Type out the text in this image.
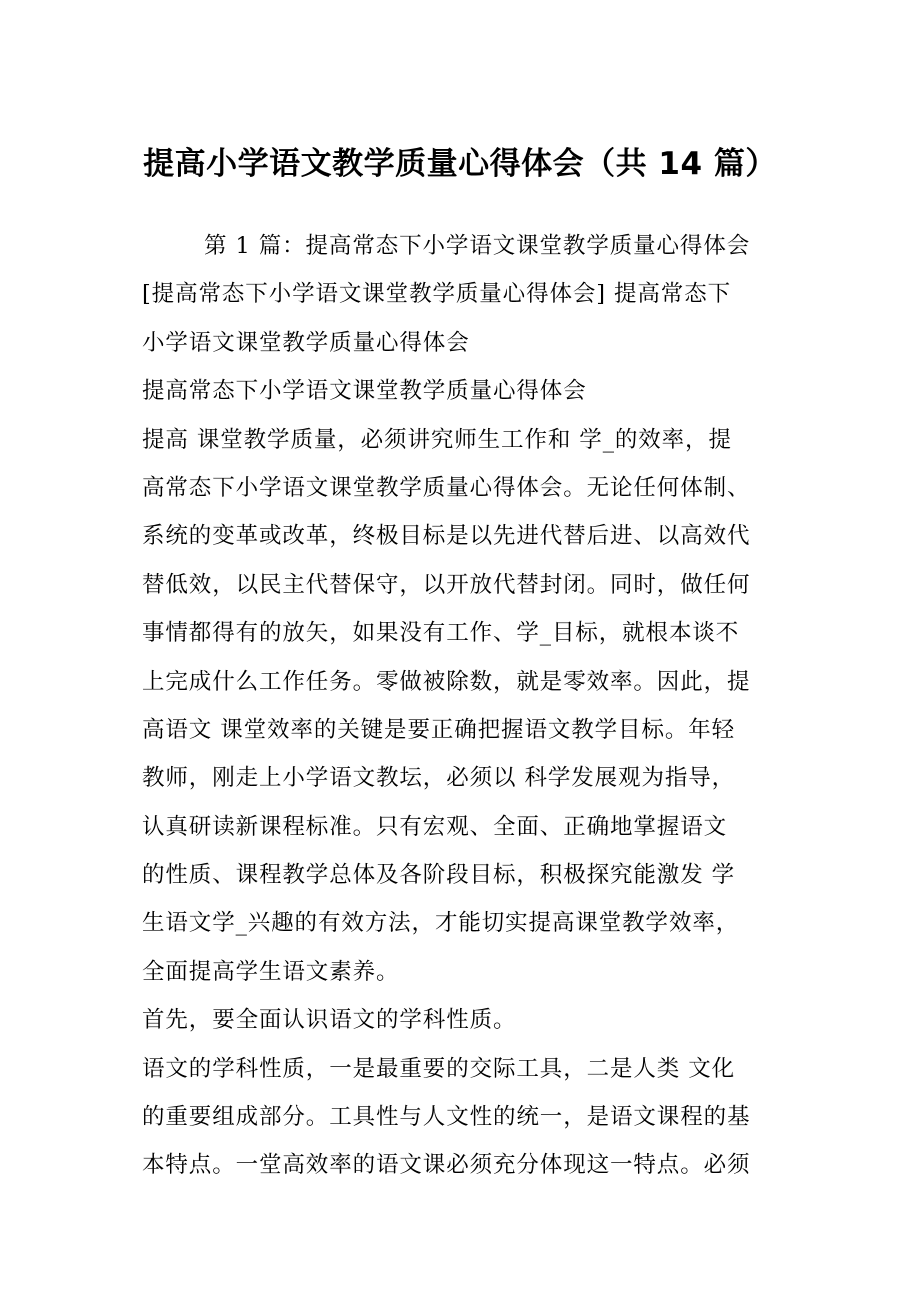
提高小学语文教学质量心得体会（共 14 篇）
第 1 篇：提高常态下小学语文课堂教学质量心得体会
[提高常态下小学语文课堂教学质量心得体会] 提高常态下
小学语文课堂教学质量心得体会
提高常态下小学语文课堂教学质量心得体会
提高 课堂教学质量，必须讲究师生工作和 学_的效率，提
高常态下小学语文课堂教学质量心得体会。无论任何体制、
系统的变革或改革，终极目标是以先进代替后进、以高效代
替低效，以民主代替保守，以开放代替封闭。同时，做任何
事情都得有的放矢，如果没有工作、学_目标，就根本谈不
上完成什么工作任务。零做被除数，就是零效率。因此，提
高语文 课堂效率的关键是要正确把握语文教学目标。年轻
教师，刚走上小学语文教坛，必须以 科学发展观为指导，
认真研读新课程标准。只有宏观、全面、正确地掌握语文
的性质、课程教学总体及各阶段目标，积极探究能激发 学
生语文学_兴趣的有效方法，才能切实提高课堂教学效率，
全面提高学生语文素养。
首先，要全面认识语文的学科性质。
语文的学科性质，一是最重要的交际工具，二是人类 文化
的重要组成部分。工具性与人文性的统一，是语文课程的基
本特点。一堂高效率的语文课必须充分体现这一特点。必须
